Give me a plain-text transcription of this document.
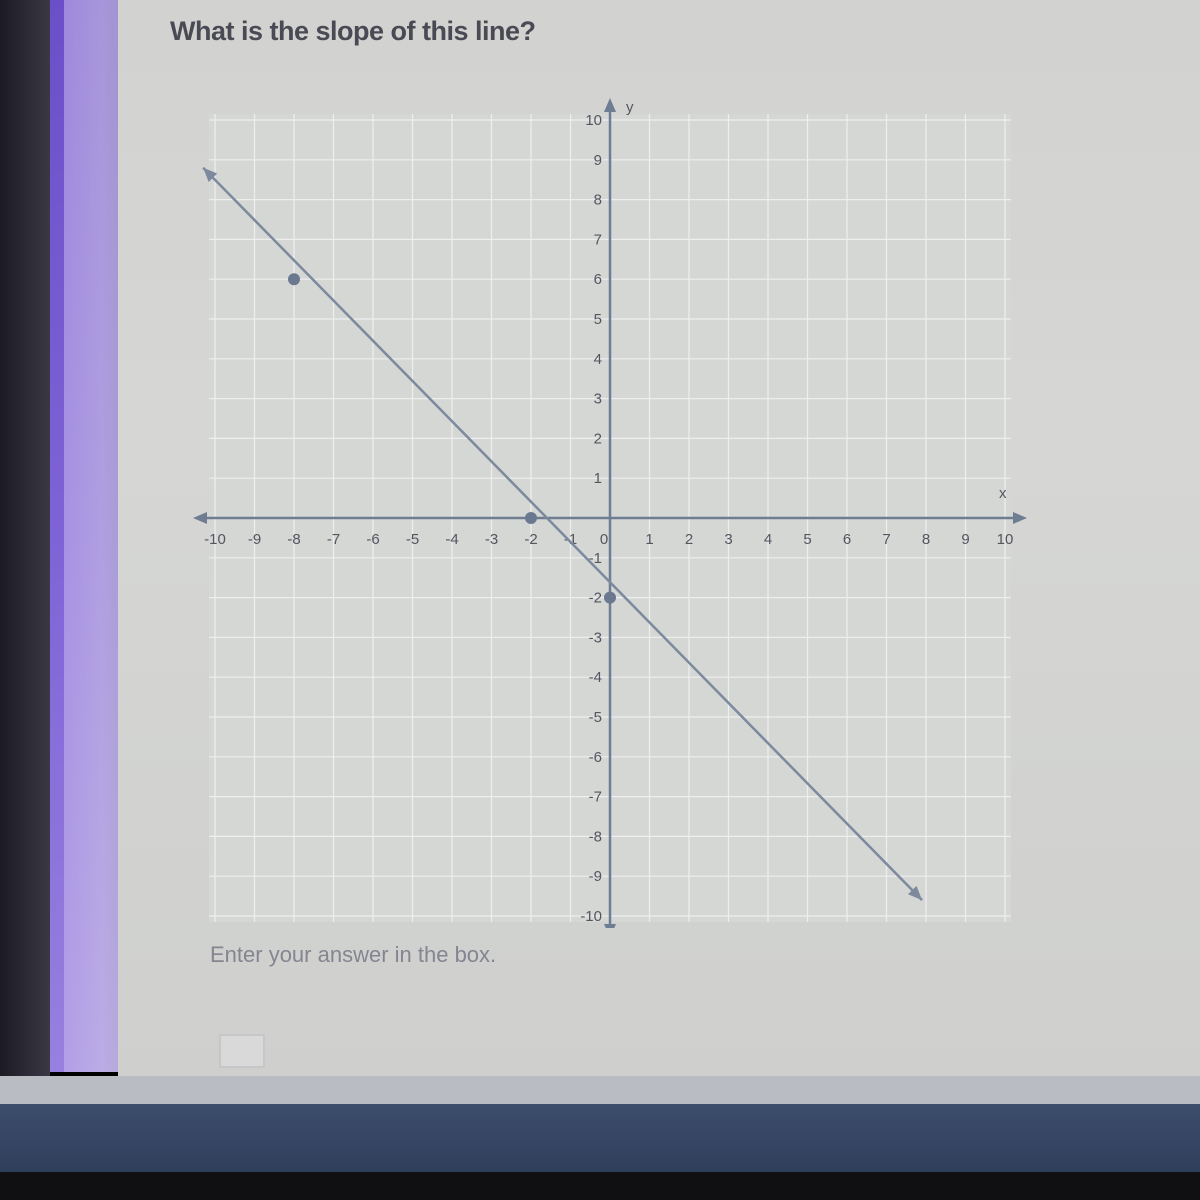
What is the slope of this line?
x
y
-10 -9 -8 -7 -6 -5 -4 -3 -2 -1 0 1 2 3 4 5 6 7 8 9 10
10
9
8
7
6
5
4
3
2
1
-1
-2
-3
-4
-5
-6
-7
-8
-9
-10
Enter your answer in the box.
